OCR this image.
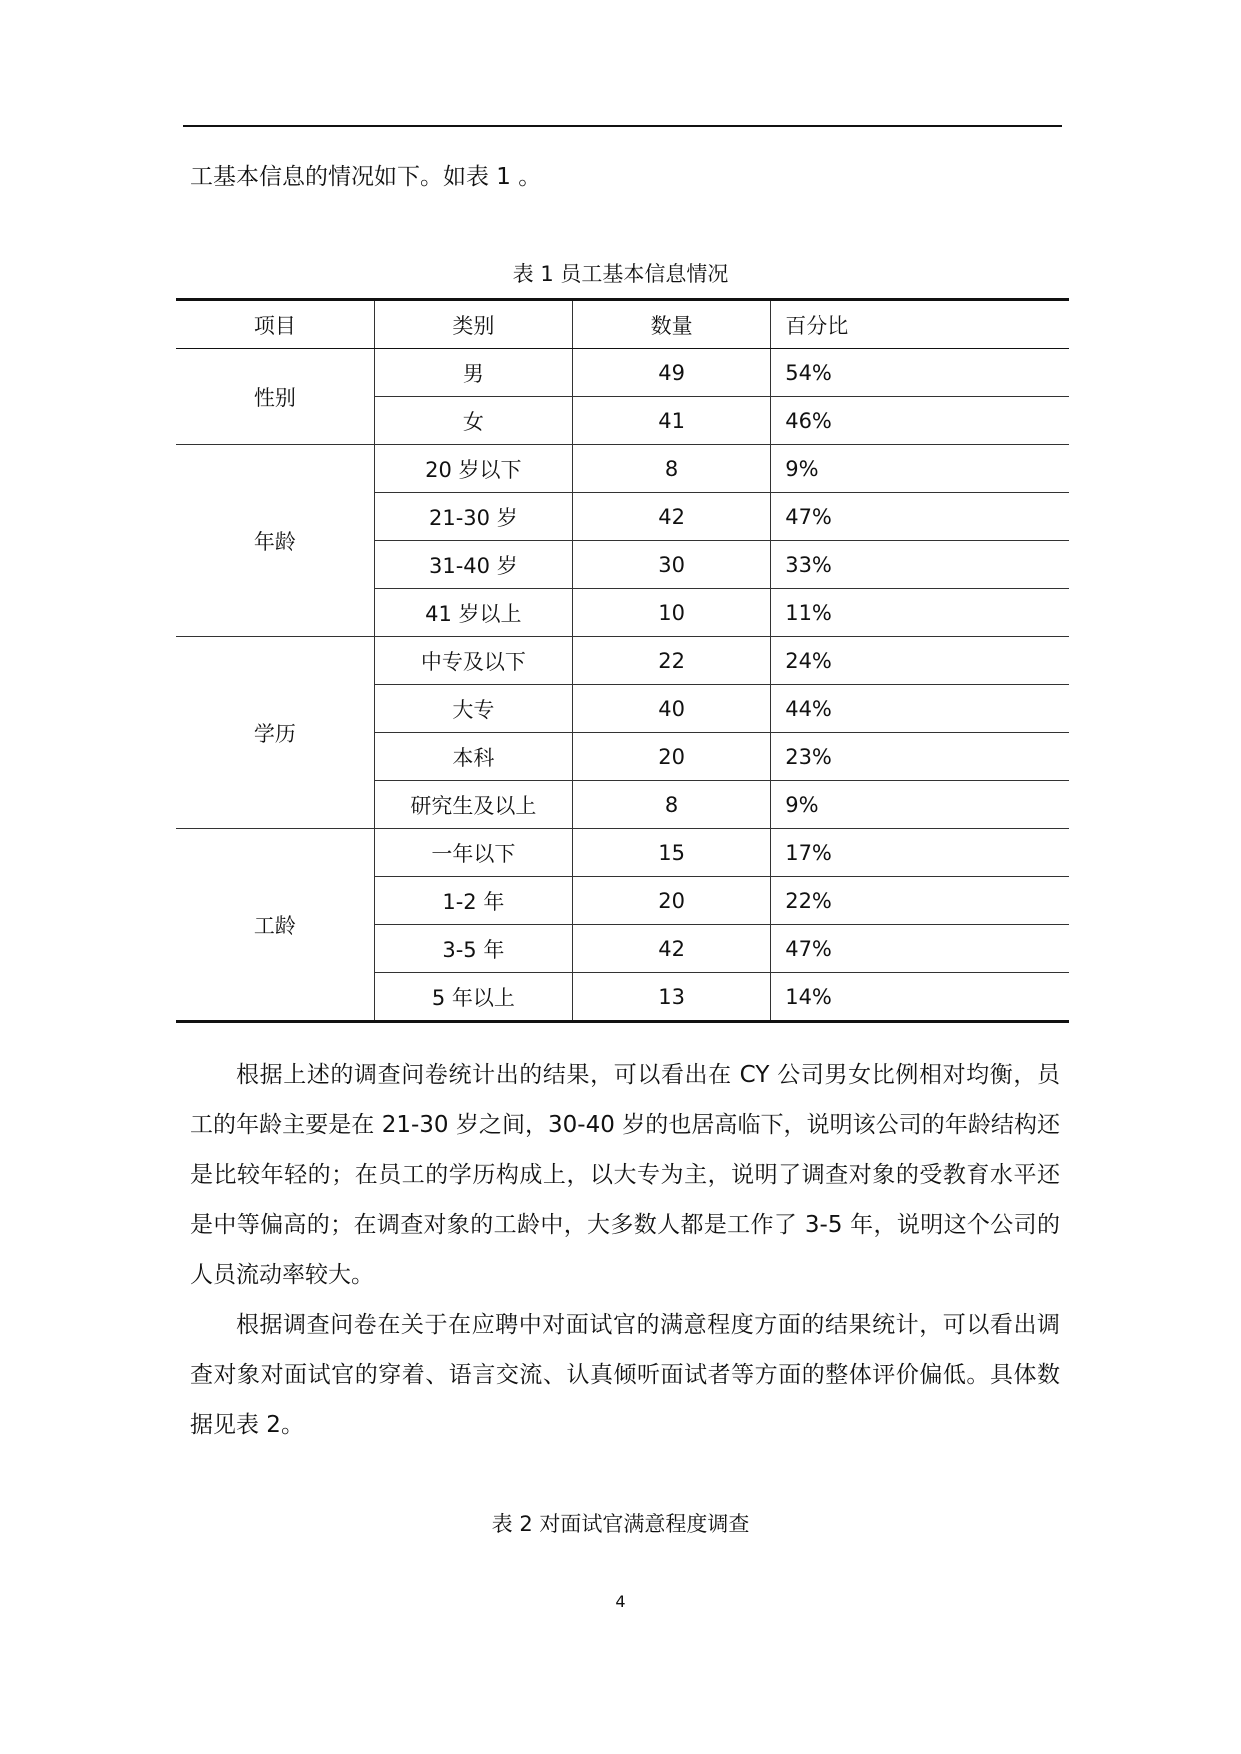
工基本信息的情况如下。如表 1 。
表 1 员工基本信息情况
项目	类别	数量	百分比
性别	男	49	54%
	女	41	46%
年龄	20 岁以下	8	9%
	21-30 岁	42	47%
	31-40 岁	30	33%
	41 岁以上	10	11%
学历	中专及以下	22	24%
	大专	40	44%
	本科	20	23%
	研究生及以上	8	9%
工龄	一年以下	15	17%
	1-2 年	20	22%
	3-5 年	42	47%
	5 年以上	13	14%

根据上述的调查问卷统计出的结果，可以看出在 CY 公司男女比例相对均衡，员工的年龄主要是在 21-30 岁之间，30-40 岁的也居高临下，说明该公司的年龄结构还是比较年轻的；在员工的学历构成上，以大专为主，说明了调查对象的受教育水平还是中等偏高的；在调查对象的工龄中，大多数人都是工作了 3-5 年，说明这个公司的人员流动率较大。

根据调查问卷在关于在应聘中对面试官的满意程度方面的结果统计，可以看出调查对象对面试官的穿着、语言交流、认真倾听面试者等方面的整体评价偏低。具体数据见表 2。

表 2 对面试官满意程度调查
4
